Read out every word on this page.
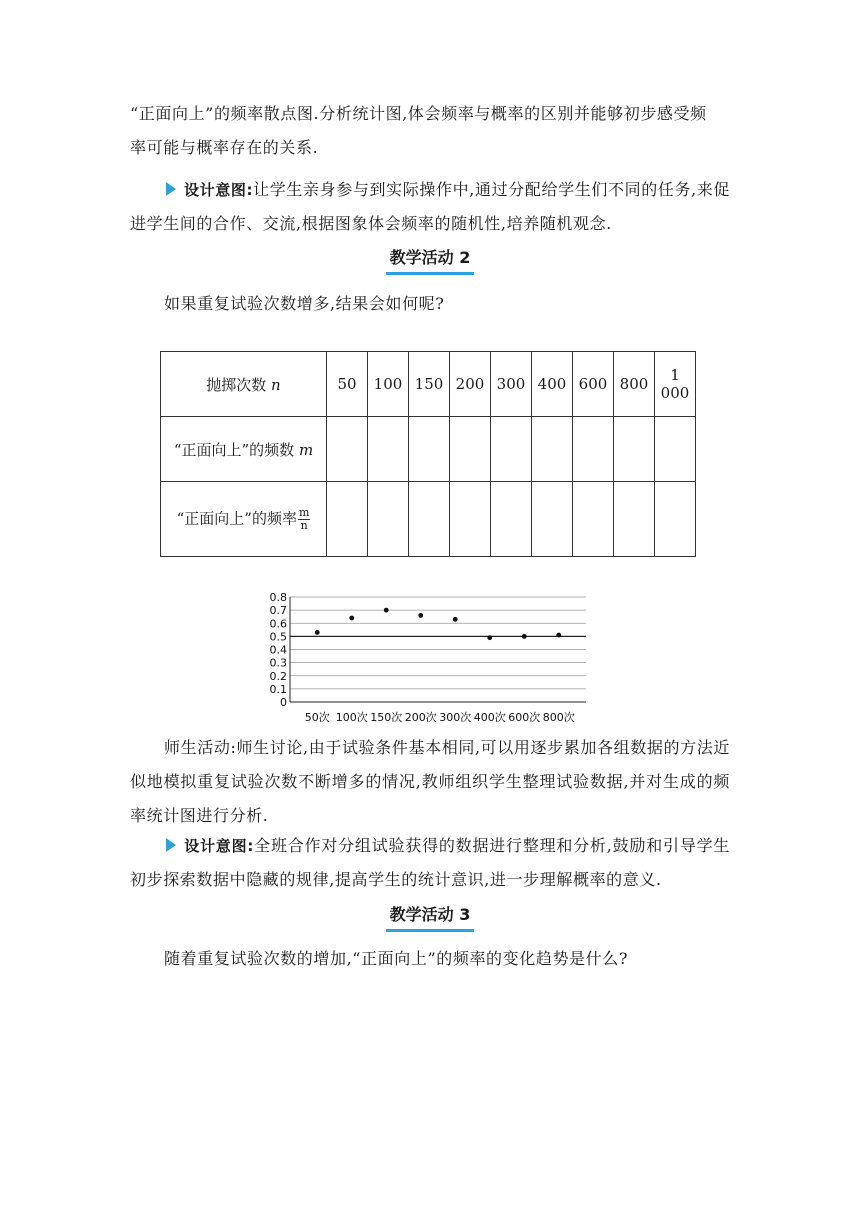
“正面向上”的频率散点图.分析统计图,体会频率与概率的区别并能够初步感受频
率可能与概率存在的关系.

设计意图:让学生亲身参与到实际操作中,通过分配给学生们不同的任务,来促进学生间的合作、交流,根据图象体会频率的随机性,培养随机观念.

教学活动 2

如果重复试验次数增多,结果会如何呢?

抛掷次数 n	50	100	150	200	300	400	600	800	1 000
“正面向上”的频数 m									
“正面向上”的频率 $\frac{m}{n}$

0
0.1
0.2
0.3
0.4
0.5
0.6
0.7
0.8
50次 100次 150次 200次 300次 400次 600次 800次

师生活动:师生讨论,由于试验条件基本相同,可以用逐步累加各组数据的方法近似地模拟重复试验次数不断增多的情况,教师组织学生整理试验数据,并对生成的频率统计图进行分析.

设计意图:全班合作对分组试验获得的数据进行整理和分析,鼓励和引导学生初步探索数据中隐藏的规律,提高学生的统计意识,进一步理解概率的意义.

教学活动 3

随着重复试验次数的增加,“正面向上”的频率的变化趋势是什么?
